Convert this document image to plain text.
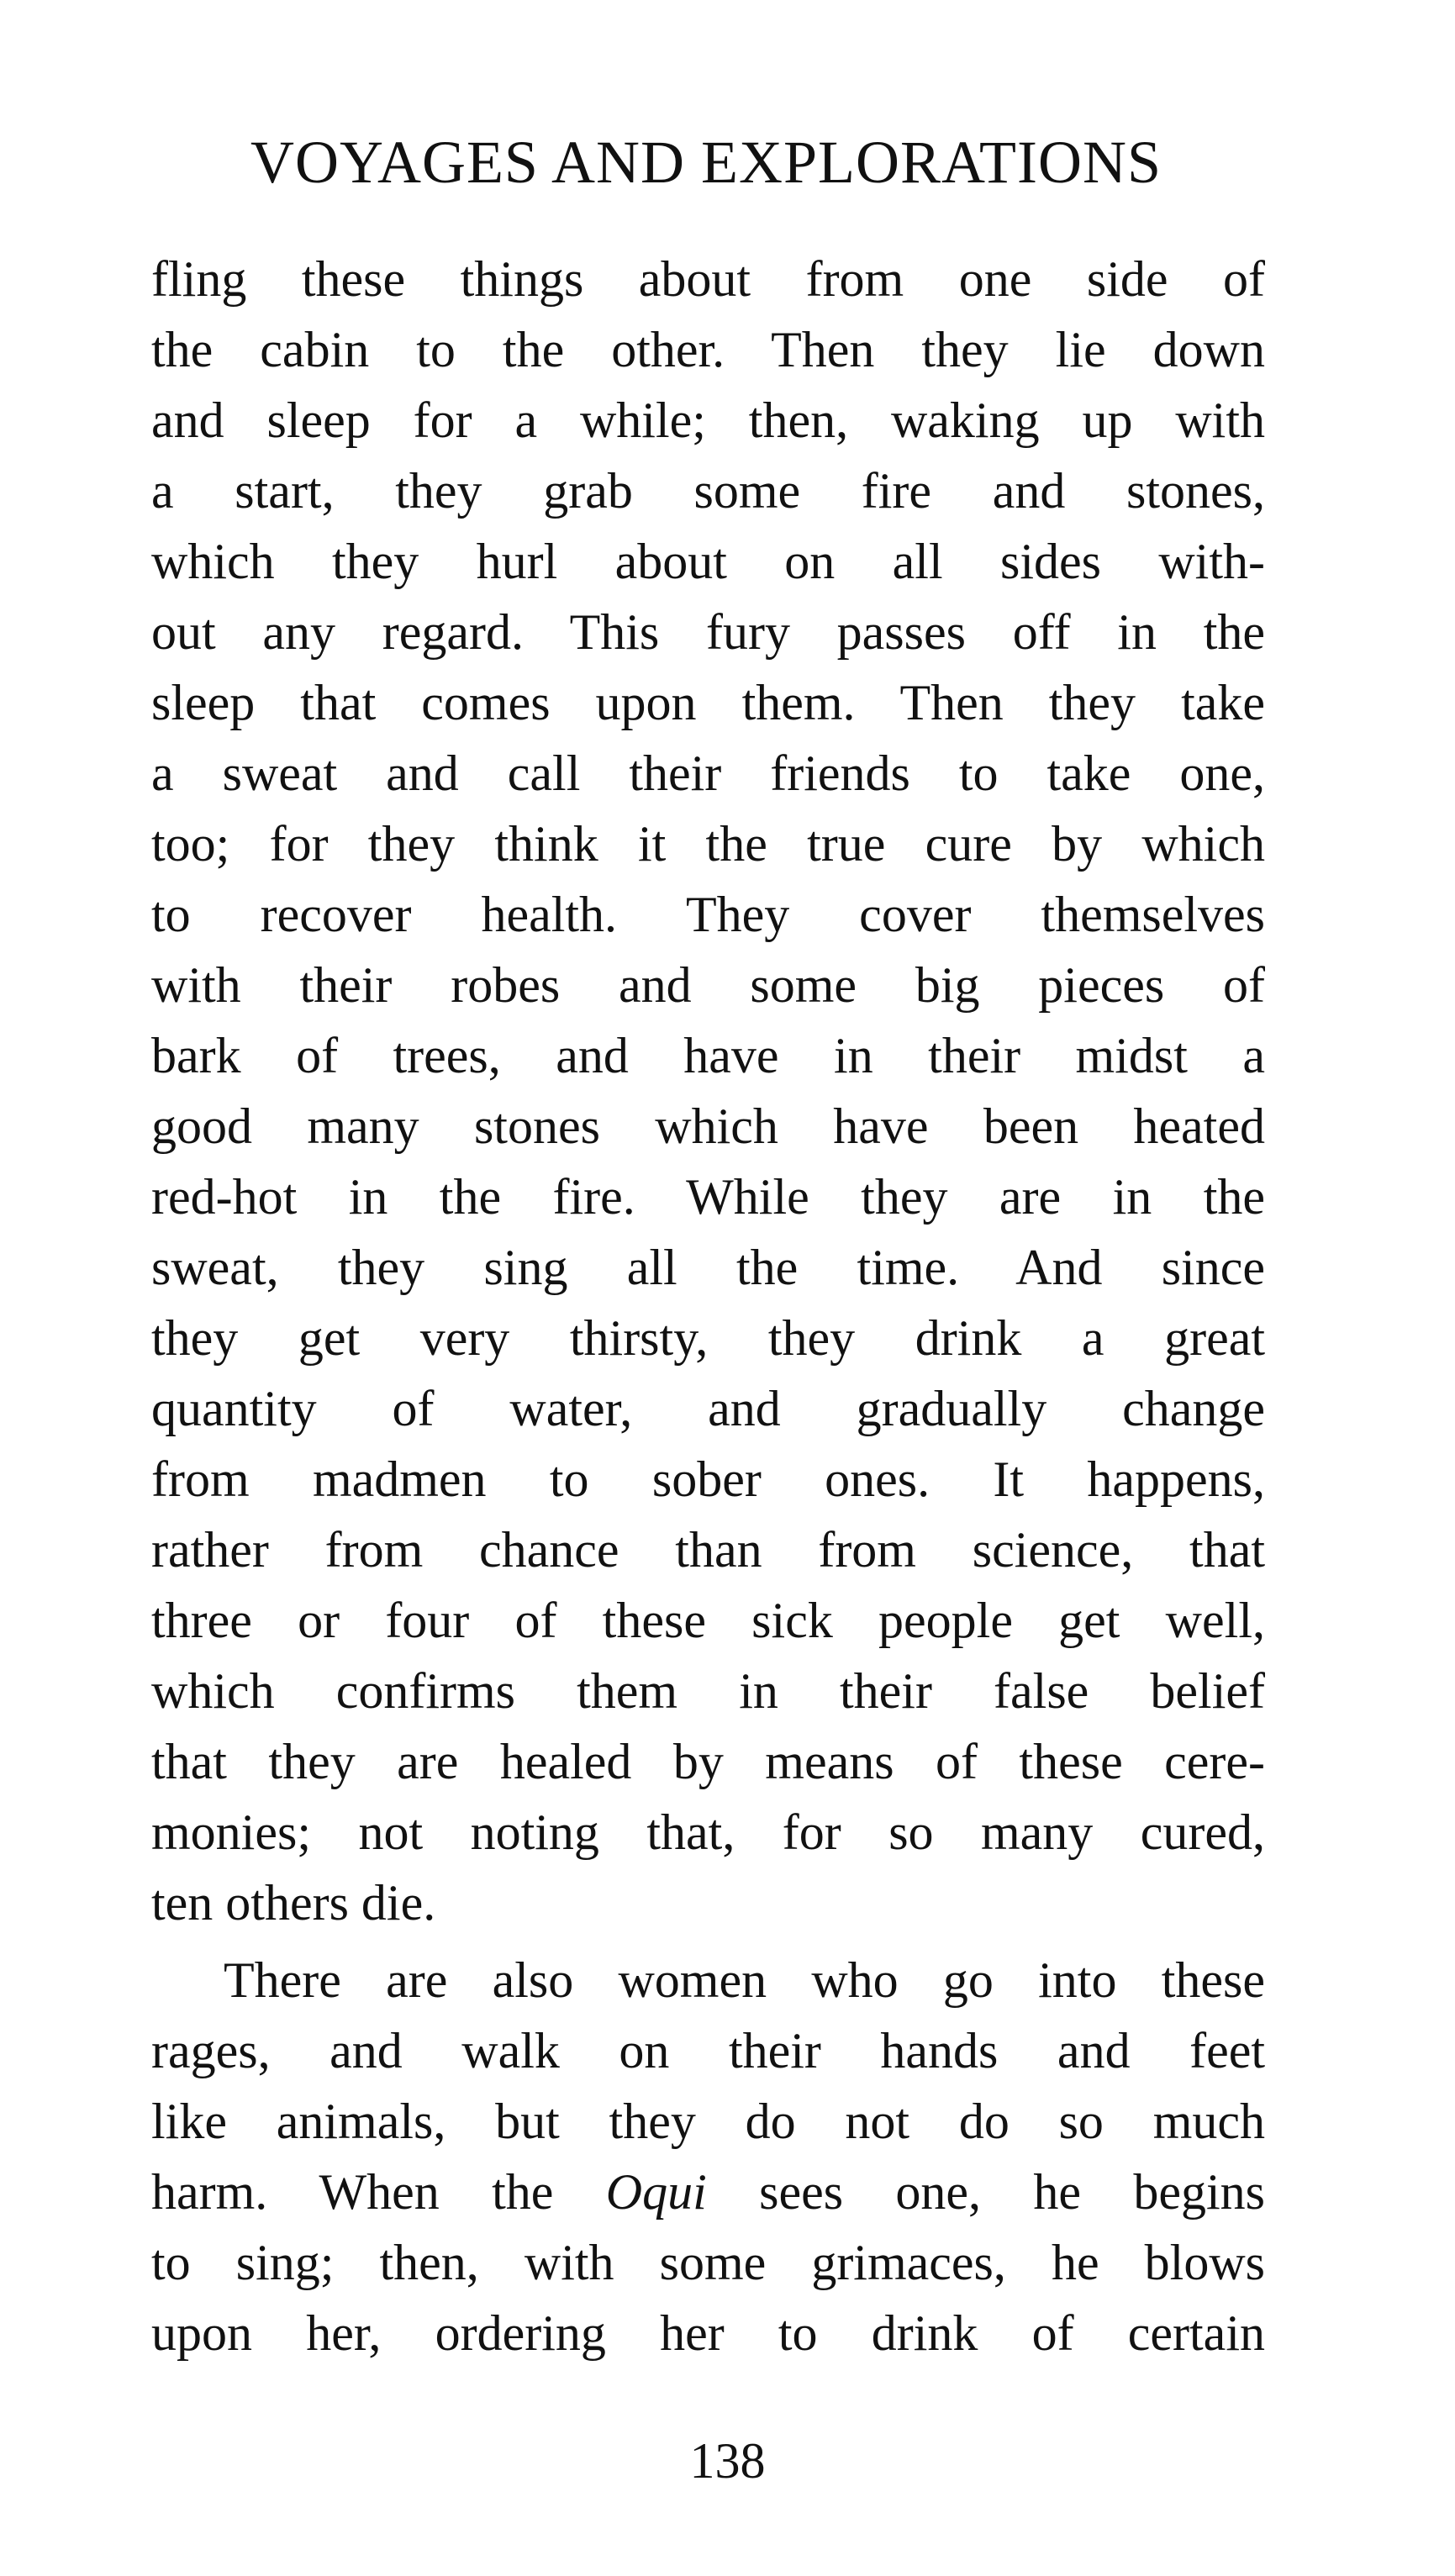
VOYAGES AND EXPLORATIONS
fling these things about from one side of
the cabin to the other. Then they lie down
and sleep for a while; then, waking up with
a start, they grab some fire and stones,
which they hurl about on all sides with-
out any regard. This fury passes off in the
sleep that comes upon them. Then they take
a sweat and call their friends to take one,
too; for they think it the true cure by which
to recover health. They cover themselves
with their robes and some big pieces of
bark of trees, and have in their midst a
good many stones which have been heated
red-hot in the fire. While they are in the
sweat, they sing all the time. And since
they get very thirsty, they drink a great
quantity of water, and gradually change
from madmen to sober ones. It happens,
rather from chance than from science, that
three or four of these sick people get well,
which confirms them in their false belief
that they are healed by means of these cere-
monies; not noting that, for so many cured,
ten others die.
There are also women who go into these
rages, and walk on their hands and feet
like animals, but they do not do so much
harm. When the Oqui sees one, he begins
to sing; then, with some grimaces, he blows
upon her, ordering her to drink of certain
138
